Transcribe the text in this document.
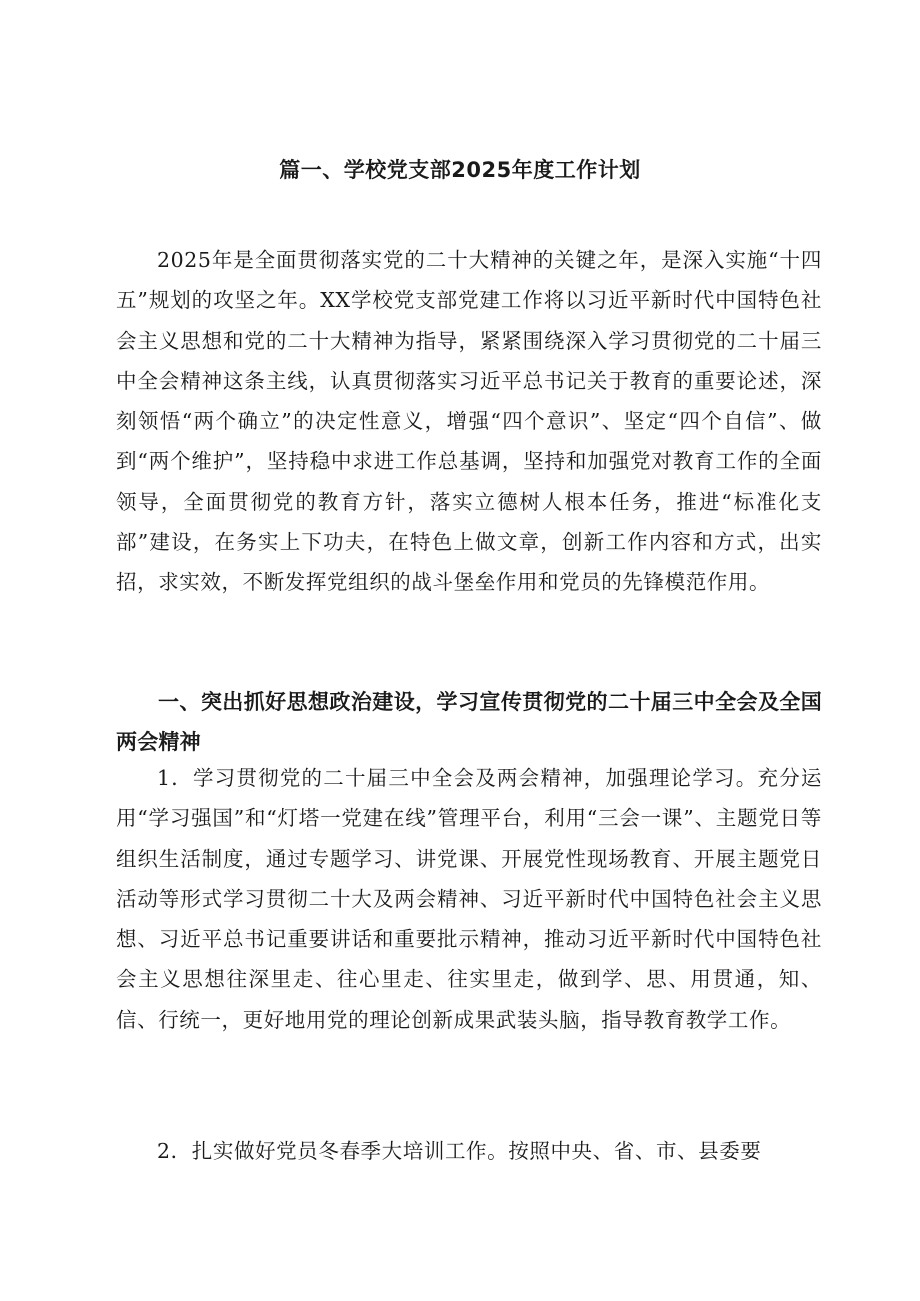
篇一、学校党支部2025年度工作计划

2025年是全面贯彻落实党的二十大精神的关键之年，是深入实施“十四五”规划的攻坚之年。XX学校党支部党建工作将以习近平新时代中国特色社会主义思想和党的二十大精神为指导，紧紧围绕深入学习贯彻党的二十届三中全会精神这条主线，认真贯彻落实习近平总书记关于教育的重要论述，深刻领悟“两个确立”的决定性意义，增强“四个意识”、坚定“四个自信”、做到“两个维护”，坚持稳中求进工作总基调，坚持和加强党对教育工作的全面领导，全面贯彻党的教育方针，落实立德树人根本任务，推进“标准化支部”建设，在务实上下功夫，在特色上做文章，创新工作内容和方式，出实招，求实效，不断发挥党组织的战斗堡垒作用和党员的先锋模范作用。

一、突出抓好思想政治建设，学习宣传贯彻党的二十届三中全会及全国两会精神

1．学习贯彻党的二十届三中全会及两会精神，加强理论学习。充分运用“学习强国”和“灯塔一党建在线”管理平台，利用“三会一课”、主题党日等组织生活制度，通过专题学习、讲党课、开展党性现场教育、开展主题党日活动等形式学习贯彻二十大及两会精神、习近平新时代中国特色社会主义思想、习近平总书记重要讲话和重要批示精神，推动习近平新时代中国特色社会主义思想往深里走、往心里走、往实里走，做到学、思、用贯通，知、信、行统一，更好地用党的理论创新成果武装头脑，指导教育教学工作。

2．扎实做好党员冬春季大培训工作。按照中央、省、市、县委要
